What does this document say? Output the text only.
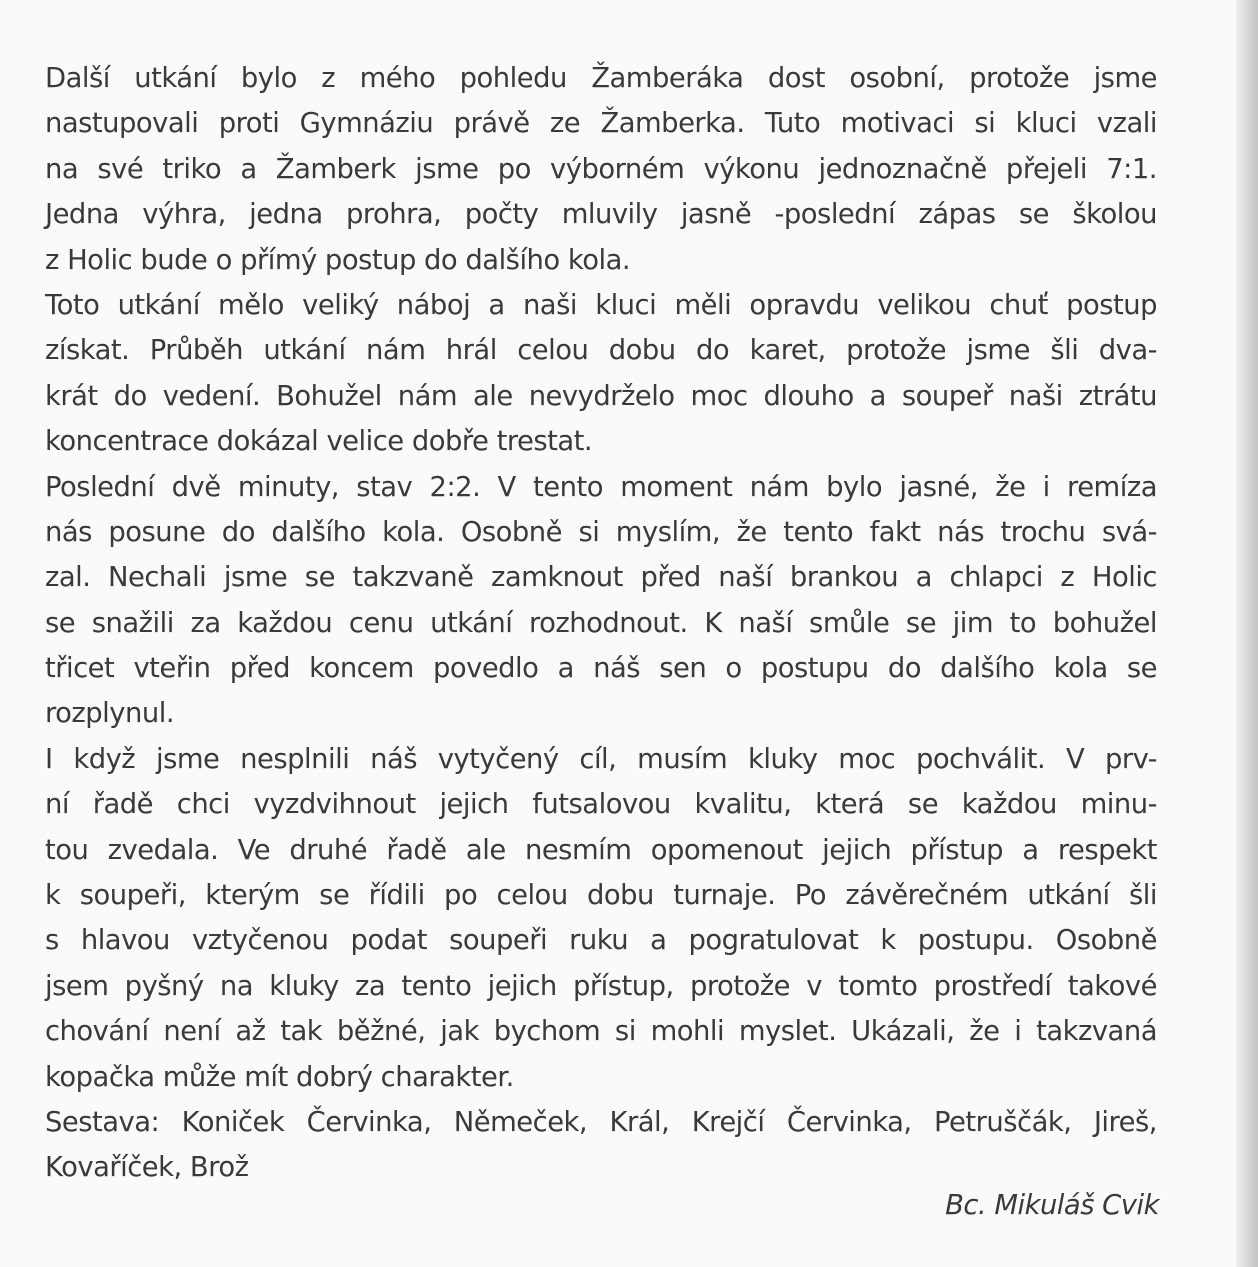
Další utkání bylo z mého pohledu Žamberáka dost osobní, protože jsme
nastupovali proti Gymnáziu právě ze Žamberka. Tuto motivaci si kluci vzali
na své triko a Žamberk jsme po výborném výkonu jednoznačně přejeli 7:1.
Jedna výhra, jedna prohra, počty mluvily jasně -poslední zápas se školou
z Holic bude o přímý postup do dalšího kola.
Toto utkání mělo veliký náboj a naši kluci měli opravdu velikou chuť postup
získat. Průběh utkání nám hrál celou dobu do karet, protože jsme šli dva-
krát do vedení. Bohužel nám ale nevydrželo moc dlouho a soupeř naši ztrátu
koncentrace dokázal velice dobře trestat.
Poslední dvě minuty, stav 2:2. V tento moment nám bylo jasné, že i remíza
nás posune do dalšího kola. Osobně si myslím, že tento fakt nás trochu svá-
zal. Nechali jsme se takzvaně zamknout před naší brankou a chlapci z Holic
se snažili za každou cenu utkání rozhodnout. K naší smůle se jim to bohužel
třicet vteřin před koncem povedlo a náš sen o postupu do dalšího kola se
rozplynul.
I když jsme nesplnili náš vytyčený cíl, musím kluky moc pochválit. V prv-
ní řadě chci vyzdvihnout jejich futsalovou kvalitu, která se každou minu-
tou zvedala. Ve druhé řadě ale nesmím opomenout jejich přístup a respekt
k soupeři, kterým se řídili po celou dobu turnaje. Po závěrečném utkání šli
s hlavou vztyčenou podat soupeři ruku a pogratulovat k postupu. Osobně
jsem pyšný na kluky za tento jejich přístup, protože v tomto prostředí takové
chování není až tak běžné, jak bychom si mohli myslet. Ukázali, že i takzvaná
kopačka může mít dobrý charakter.
Sestava: Koniček Červinka, Němeček, Král, Krejčí Červinka, Petruščák, Jireš,
Kovaříček, Brož
Bc. Mikuláš Cvik
